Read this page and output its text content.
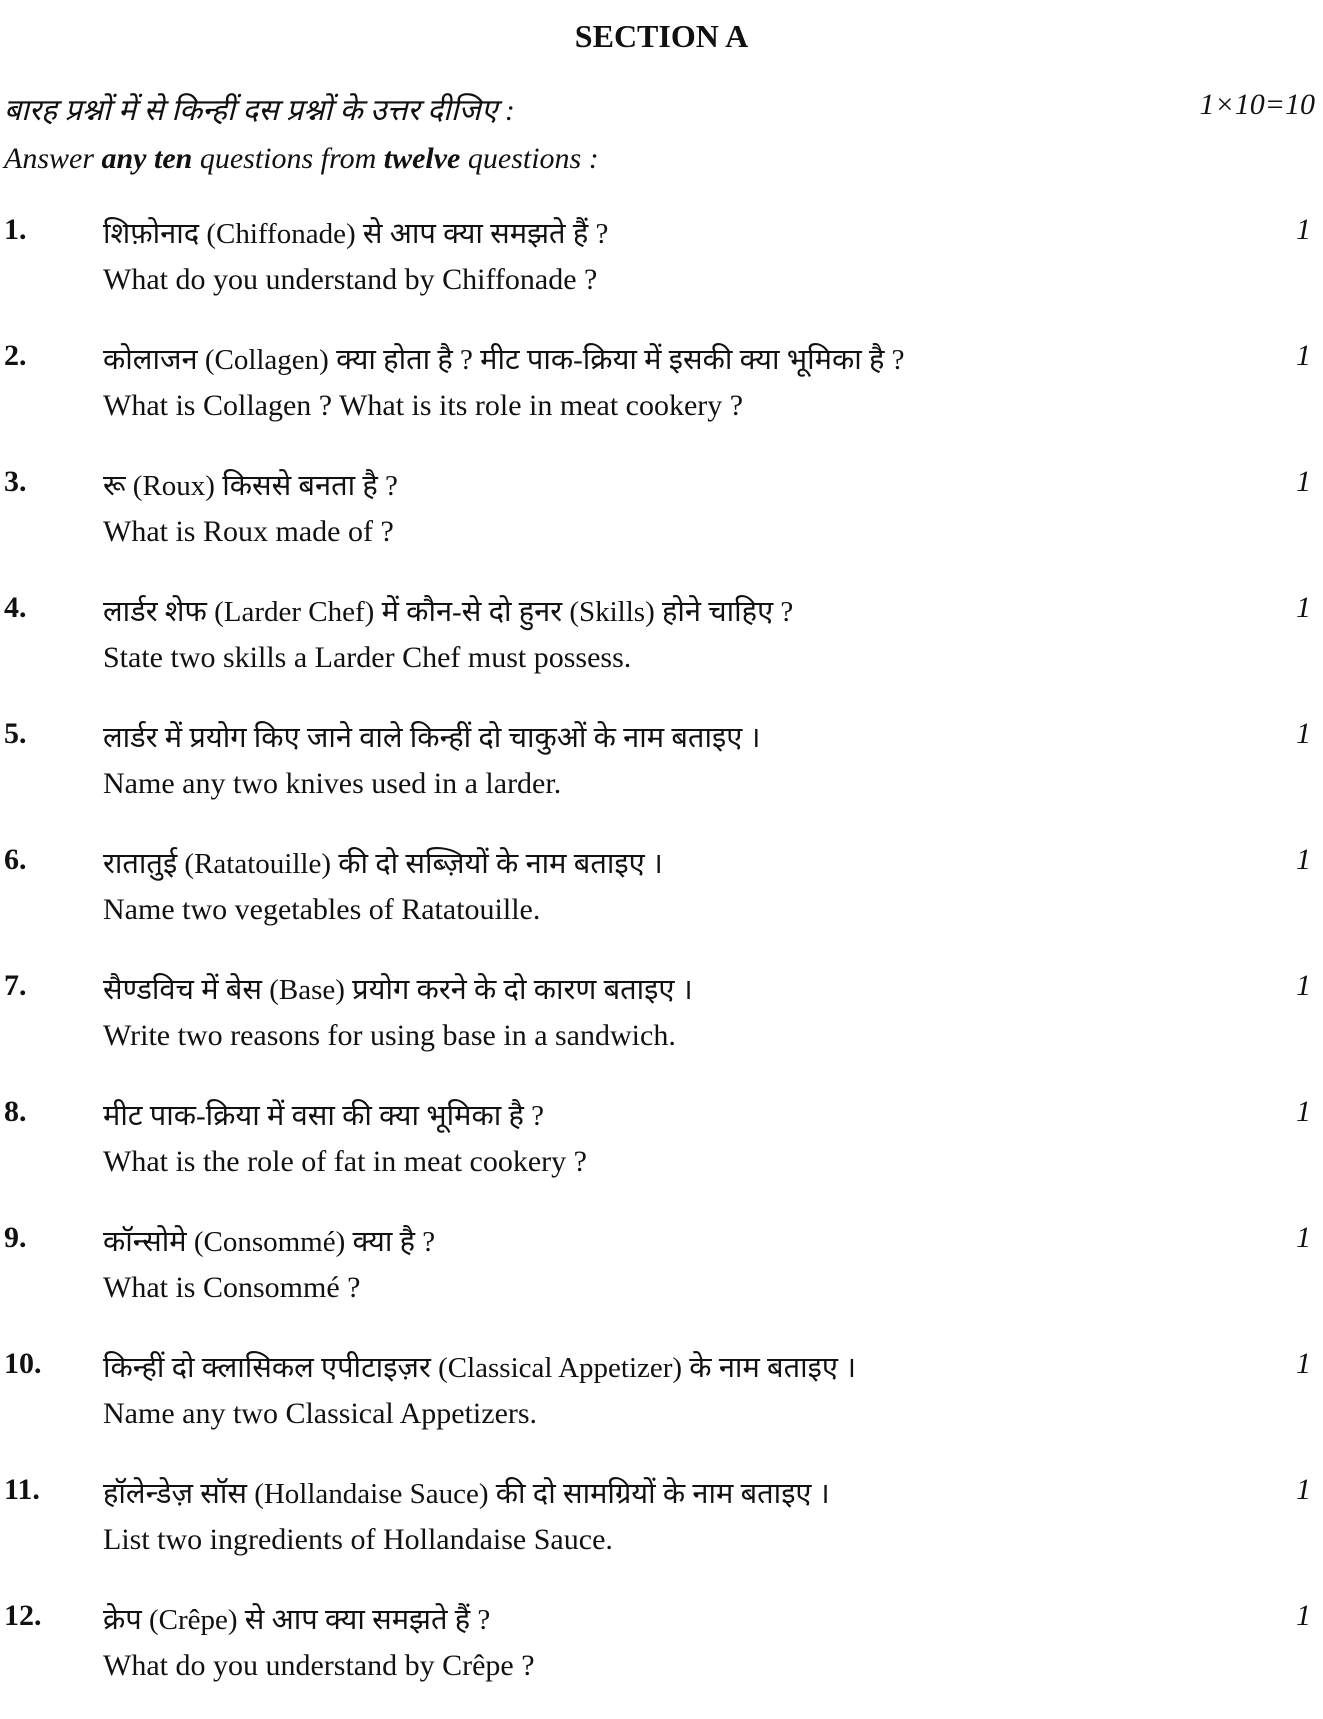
SECTION A
बारह प्रश्नों में से किन्हीं दस प्रश्नों के उत्तर दीजिए :	1×10=10
Answer any ten questions from twelve questions :
1.	शिफ़ोनाद (Chiffonade) से आप क्या समझते हैं ?
What do you understand by Chiffonade ?
1
2.	कोलाजन (Collagen) क्या होता है ? मीट पाक-क्रिया में इसकी क्या भूमिका है ?
What is Collagen ? What is its role in meat cookery ?
1
3.	रू (Roux) किससे बनता है ?
What is Roux made of ?
1
4.	लार्डर शेफ (Larder Chef) में कौन-से दो हुनर (Skills) होने चाहिए ?
State two skills a Larder Chef must possess.
1
5.	लार्डर में प्रयोग किए जाने वाले किन्हीं दो चाकुओं के नाम बताइए ।
Name any two knives used in a larder.
1
6.	रातातुई (Ratatouille) की दो सब्ज़ियों के नाम बताइए ।
Name two vegetables of Ratatouille.
1
7.	सैण्डविच में बेस (Base) प्रयोग करने के दो कारण बताइए ।
Write two reasons for using base in a sandwich.
1
8.	मीट पाक-क्रिया में वसा की क्या भूमिका है ?
What is the role of fat in meat cookery ?
1
9.	कॉन्सोमे (Consommé) क्या है ?
What is Consommé ?
1
10. किन्हीं दो क्लासिकल एपीटाइज़र (Classical Appetizer) के नाम बताइए ।
Name any two Classical Appetizers.
1
11. हॉलेन्डेज़ सॉस (Hollandaise Sauce) की दो सामग्रियों के नाम बताइए ।
List two ingredients of Hollandaise Sauce.
1
12. क्रेप (Crêpe) से आप क्या समझते हैं ?
What do you understand by Crêpe ?
1
